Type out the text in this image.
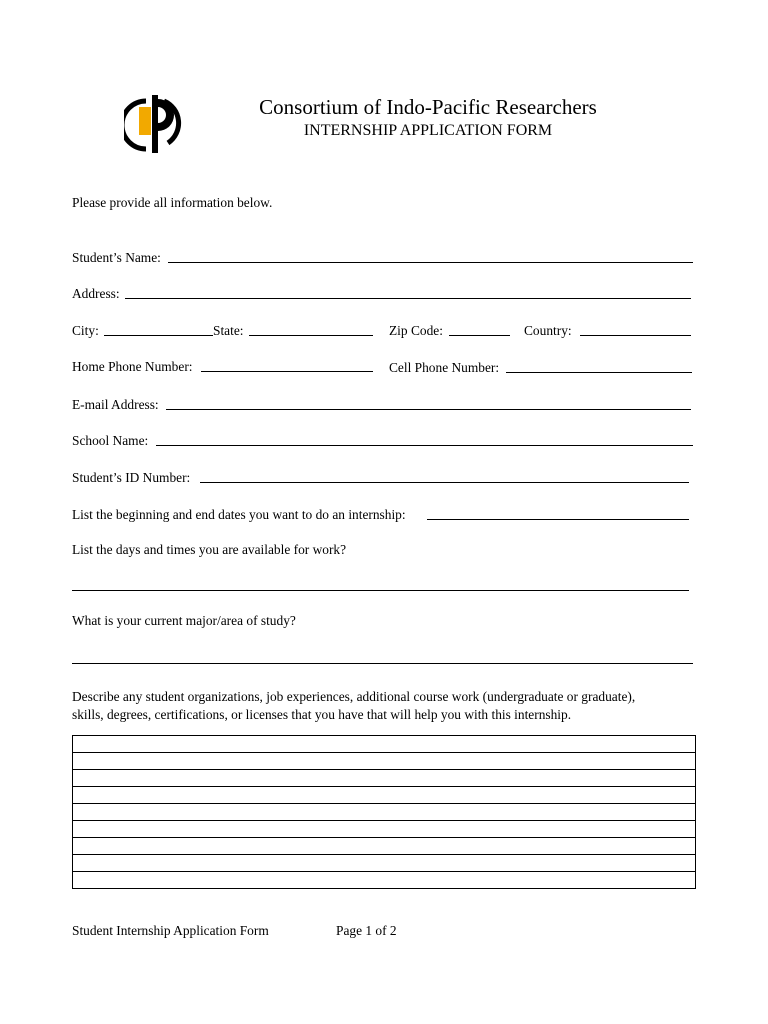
Consortium of Indo-Pacific Researchers
INTERNSHIP APPLICATION FORM
Please provide all information below.
Student’s Name:
Address:
City:	State:	Zip Code:	Country:
Home Phone Number:	Cell Phone Number:
E-mail Address:
School Name:
Student’s ID Number:
List the beginning and end dates you want to do an internship:
List the days and times you are available for work?
What is your current major/area of study?
Describe any student organizations, job experiences, additional course work (undergraduate or graduate),
skills, degrees, certifications, or licenses that you have that will help you with this internship.

Student Internship Application Form	Page 1 of 2
